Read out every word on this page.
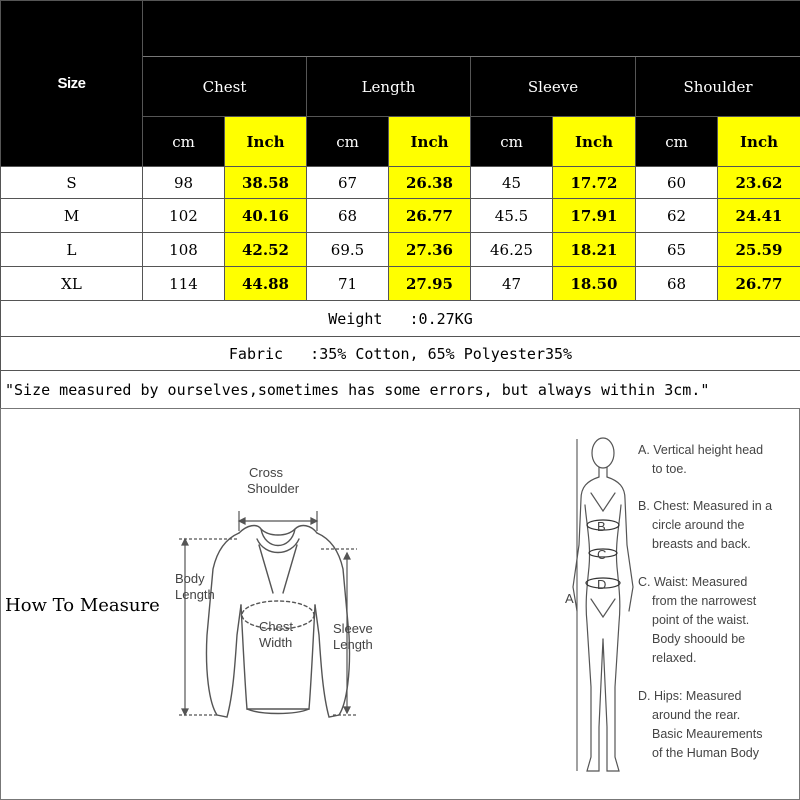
Size								
	Chest		Length		Sleeve		Shoulder	
	cm	Inch	cm	Inch	cm	Inch	cm	Inch
S	98	38.58	67	26.38	45	17.72	60	23.62
M	102	40.16	68	26.77	45.5	17.91	62	24.41
L	108	42.52	69.5	27.36	46.25	18.21	65	25.59
XL	114	44.88	71	27.95	47	18.50	68	26.77
Weight   :0.27KG								
Fabric   :35% Cotton, 65% Polyester35%								
"Size measured by ourselves,sometimes has some errors, but always within 3cm."								
How To Measure
Cross
Shoulder
Body
Length
Chest
Width
Sleeve
Length
B
C
D
A
A. Vertical height head
to toe.
B. Chest: Measured in a
circle around the
breasts and back.
C. Waist: Measured
from the narrowest
point of the waist.
Body shoould be
relaxed.
D. Hips: Measured
around the rear.
Basic Meaurements
of the Human Body
